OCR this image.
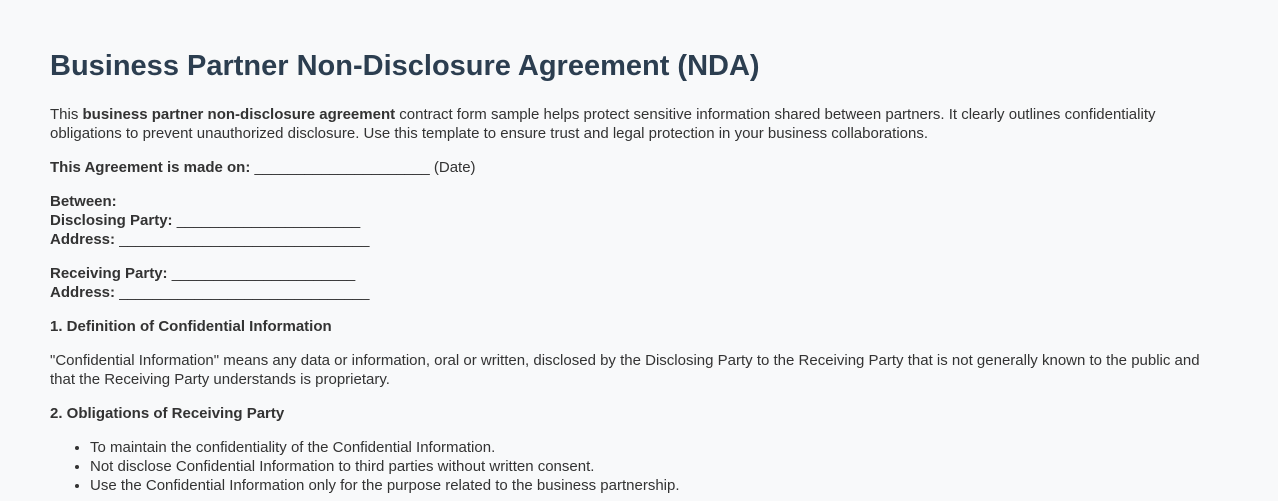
Business Partner Non-Disclosure Agreement (NDA)

This business partner non-disclosure agreement contract form sample helps protect sensitive information shared between partners. It clearly outlines confidentiality obligations to prevent unauthorized disclosure. Use this template to ensure trust and legal protection in your business collaborations.

This Agreement is made on: _____________________ (Date)

Between:
Disclosing Party: ______________________
Address: ______________________________

Receiving Party: ______________________
Address: ______________________________

1. Definition of Confidential Information

"Confidential Information" means any data or information, oral or written, disclosed by the Disclosing Party to the Receiving Party that is not generally known to the public and that the Receiving Party understands is proprietary.

2. Obligations of Receiving Party

• To maintain the confidentiality of the Confidential Information.
• Not disclose Confidential Information to third parties without written consent.
• Use the Confidential Information only for the purpose related to the business partnership.
